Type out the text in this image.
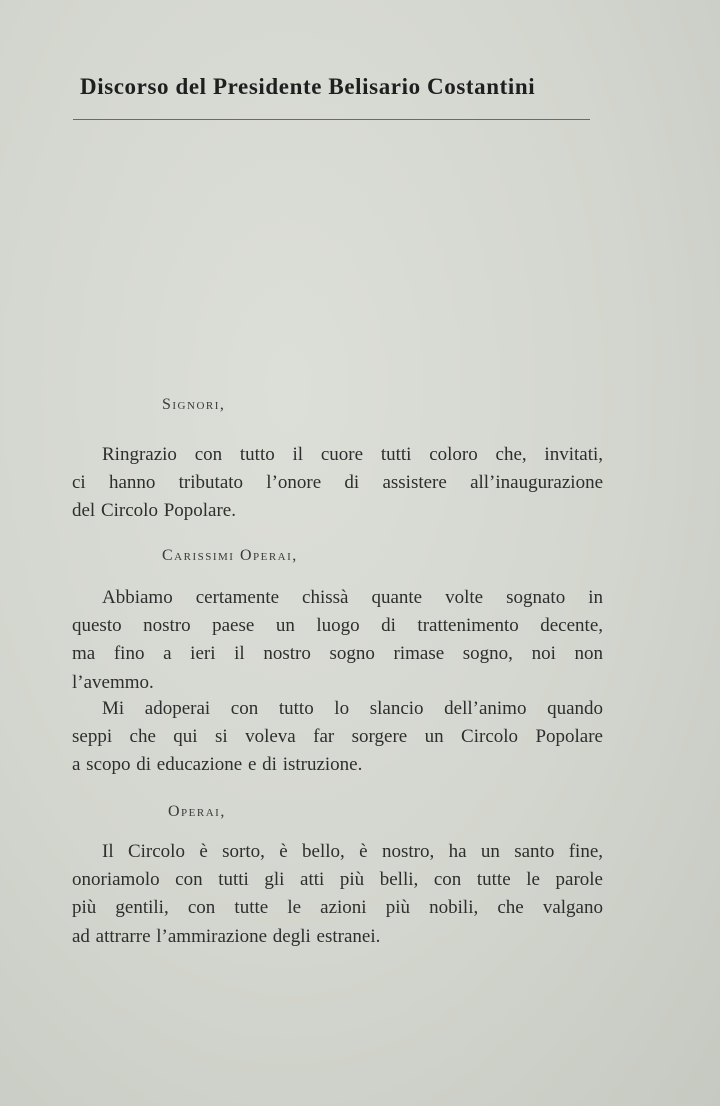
Discorso del Presidente Belisario Costantini
Signori,
Ringrazio con tutto il cuore tutti coloro che, invitati,
ci hanno tributato l’onore di assistere all’inaugurazione
del Circolo Popolare.
Carissimi Operai,
Abbiamo certamente chissà quante volte sognato in
questo nostro paese un luogo di trattenimento decente,
ma fino a ieri il nostro sogno rimase sogno, noi non
l’avemmo.
Mi adoperai con tutto lo slancio dell’animo quando
seppi che qui si voleva far sorgere un Circolo Popolare
a scopo di educazione e di istruzione.
Operai,
Il Circolo è sorto, è bello, è nostro, ha un santo fine,
onoriamolo con tutti gli atti più belli, con tutte le parole
più gentili, con tutte le azioni più nobili, che valgano
ad attrarre l’ammirazione degli estranei.
